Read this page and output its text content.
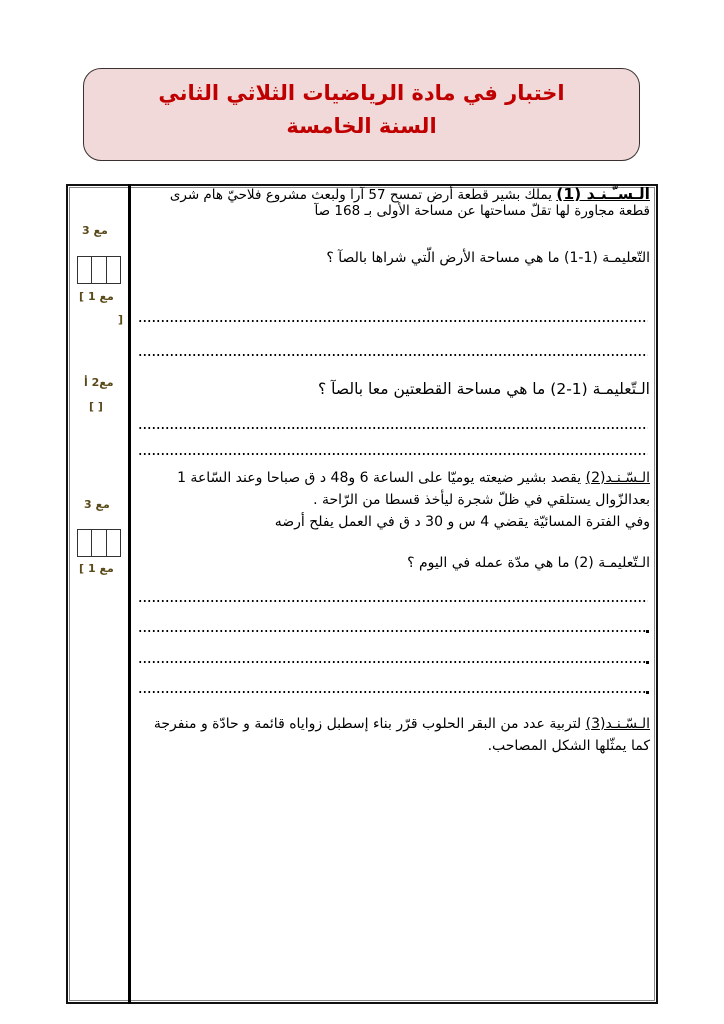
اختبار في مادة الرياضيات الثلاثي الثاني
السنة الخامسة
مع 3
مع 1
[
]
مع2 أ
[ ]
مع 3
مع 1
[
الـسـّـنـد (1) يملك بشير قطعة أرض تمسح 57 آرا ولبعث مشروع فلاحيّ هام شرى قطعة مجاورة لها تقلّ مساحتها عن مساحة الأولى بـ 168 صآ
التّعليمـة (1-1) ما هي مساحة الأرض الّتي شراها بالصآ ؟
الـتّعليمـة (1-2) ما هي مساحة القطعتين معا بالصآ ؟
الـسّـنـد(2) يقصد بشير ضيعته يوميّا على الساعة 6 و48 د ق صباحا وعند السّاعة 1 بعدالزّوال يستلقي في ظلّ شجرة ليأخذ قسطا من الرّاحة .
وفي الفترة المسائيّة يقضي 4 س و 30 د ق في العمل يفلح أرضه
الـتّعليمـة (2) ما هي مدّة عمله في اليوم ؟
الـسّـنـد(3) لتربية عدد من البقر الحلوب قرّر بناء إسطبل زواياه قائمة و حادّة و منفرجة كما يمثّلها الشكل المصاحب.
